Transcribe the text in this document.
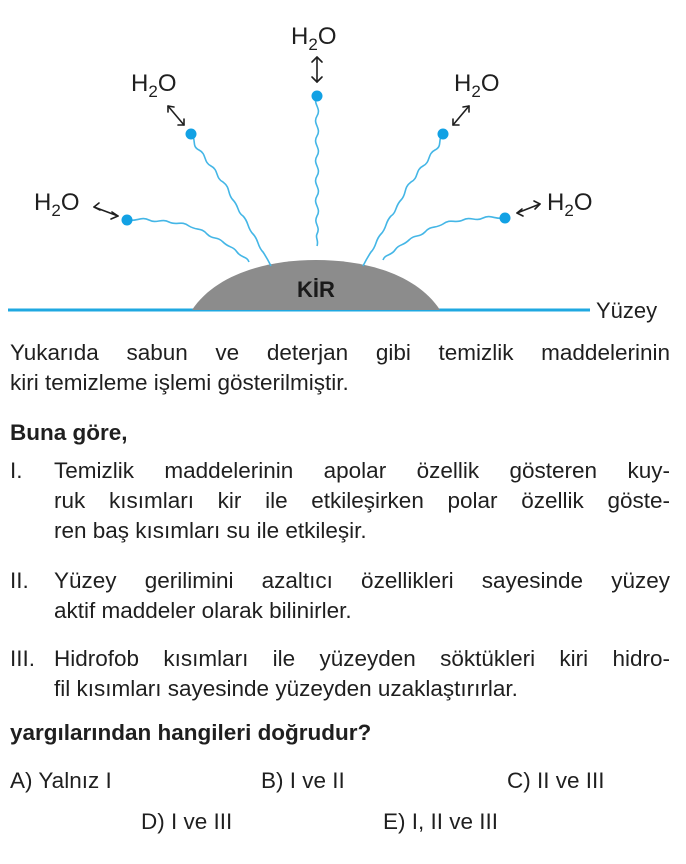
KİR
$H_2O$
$H_2O$
$H_2O$
$H_2O$
$H_2O$
Yüzey
Yukarıda sabun ve deterjan gibi temizlik maddelerinin
kiri temizleme işlemi gösterilmiştir.
Buna göre,
I. Temizlik maddelerinin apolar özellik gösteren kuy-
ruk kısımları kir ile etkileşirken polar özellik göste-
ren baş kısımları su ile etkileşir.
II. Yüzey gerilimini azaltıcı özellikleri sayesinde yüzey
aktif maddeler olarak bilinirler.
III. Hidrofob kısımları ile yüzeyden söktükleri kiri hidro-
fil kısımları sayesinde yüzeyden uzaklaştırırlar.
yargılarından hangileri doğrudur?
A) Yalnız I	B) I ve II	C) II ve III
D) I ve III	E) I, II ve III
